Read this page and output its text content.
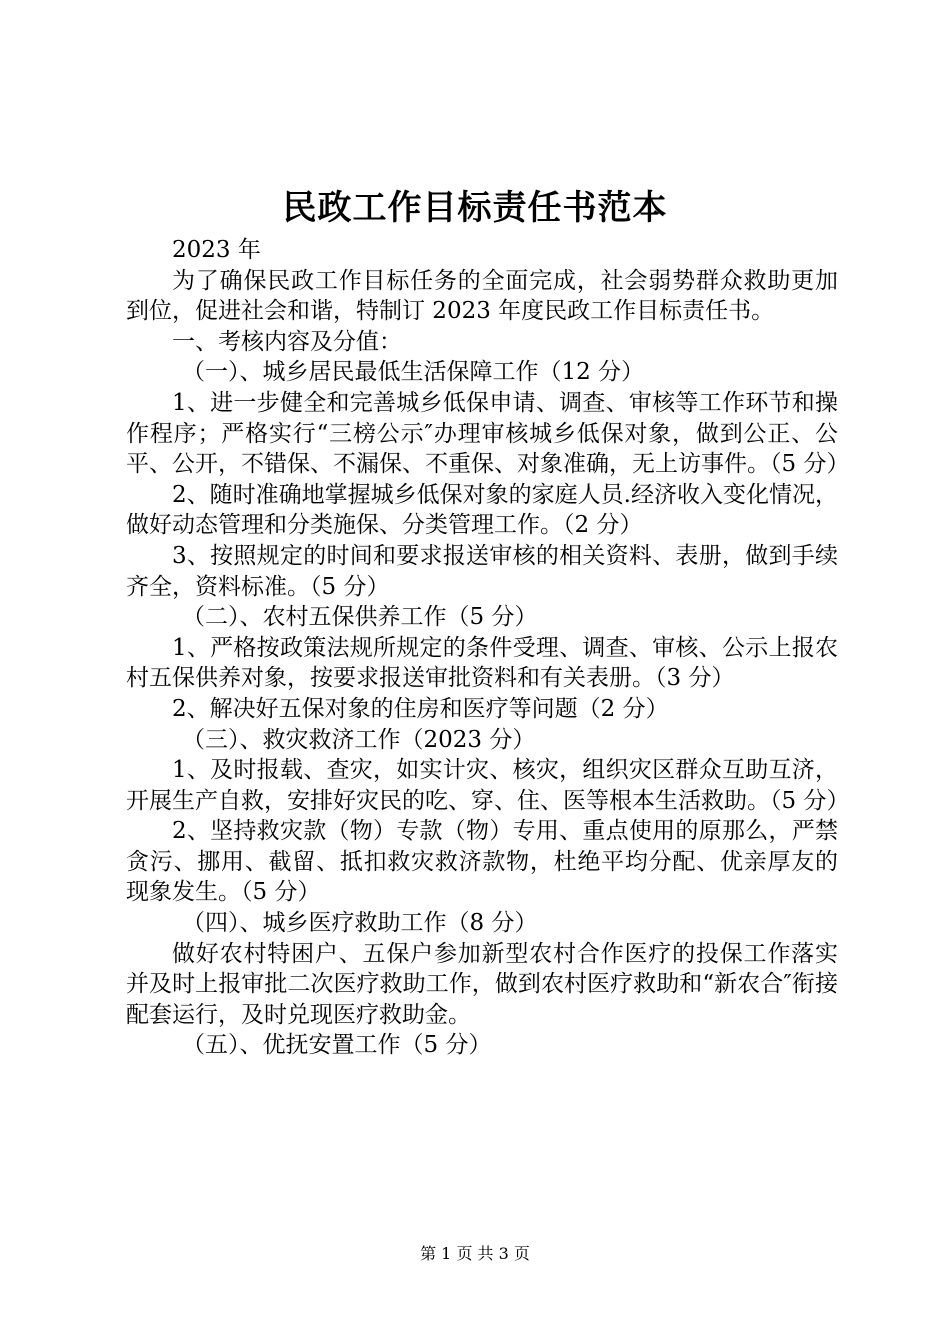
民政工作目标责任书范本

2023 年

为了确保民政工作目标任务的全面完成，社会弱势群众救助更加到位，促进社会和谐，特制订 2023 年度民政工作目标责任书。

一、考核内容及分值：

（一）、城乡居民最低生活保障工作（12 分）

1、进一步健全和完善城乡低保申请、调查、审核等工作环节和操作程序；严格实行“三榜公示″办理审核城乡低保对象，做到公正、公平、公开，不错保、不漏保、不重保、对象准确，无上访事件。（5 分）

2、随时准确地掌握城乡低保对象的家庭人员.经济收入变化情况，做好动态管理和分类施保、分类管理工作。（2 分）

3、按照规定的时间和要求报送审核的相关资料、表册，做到手续齐全，资料标准。（5 分）

（二）、农村五保供养工作（5 分）

1、严格按政策法规所规定的条件受理、调查、审核、公示上报农村五保供养对象，按要求报送审批资料和有关表册。（3 分）

2、解决好五保对象的住房和医疗等问题（2 分）

（三）、救灾救济工作（2023 分）

1、及时报载、查灾，如实计灾、核灾，组织灾区群众互助互济，开展生产自救，安排好灾民的吃、穿、住、医等根本生活救助。（5 分）

2、坚持救灾款（物）专款（物）专用、重点使用的原那么，严禁贪污、挪用、截留、抵扣救灾救济款物，杜绝平均分配、优亲厚友的现象发生。（5 分）

（四）、城乡医疗救助工作（8 分）

做好农村特困户、五保户参加新型农村合作医疗的投保工作落实并及时上报审批二次医疗救助工作，做到农村医疗救助和“新农合″衔接配套运行，及时兑现医疗救助金。

（五）、优抚安置工作（5 分）

第 1 页 共 3 页
